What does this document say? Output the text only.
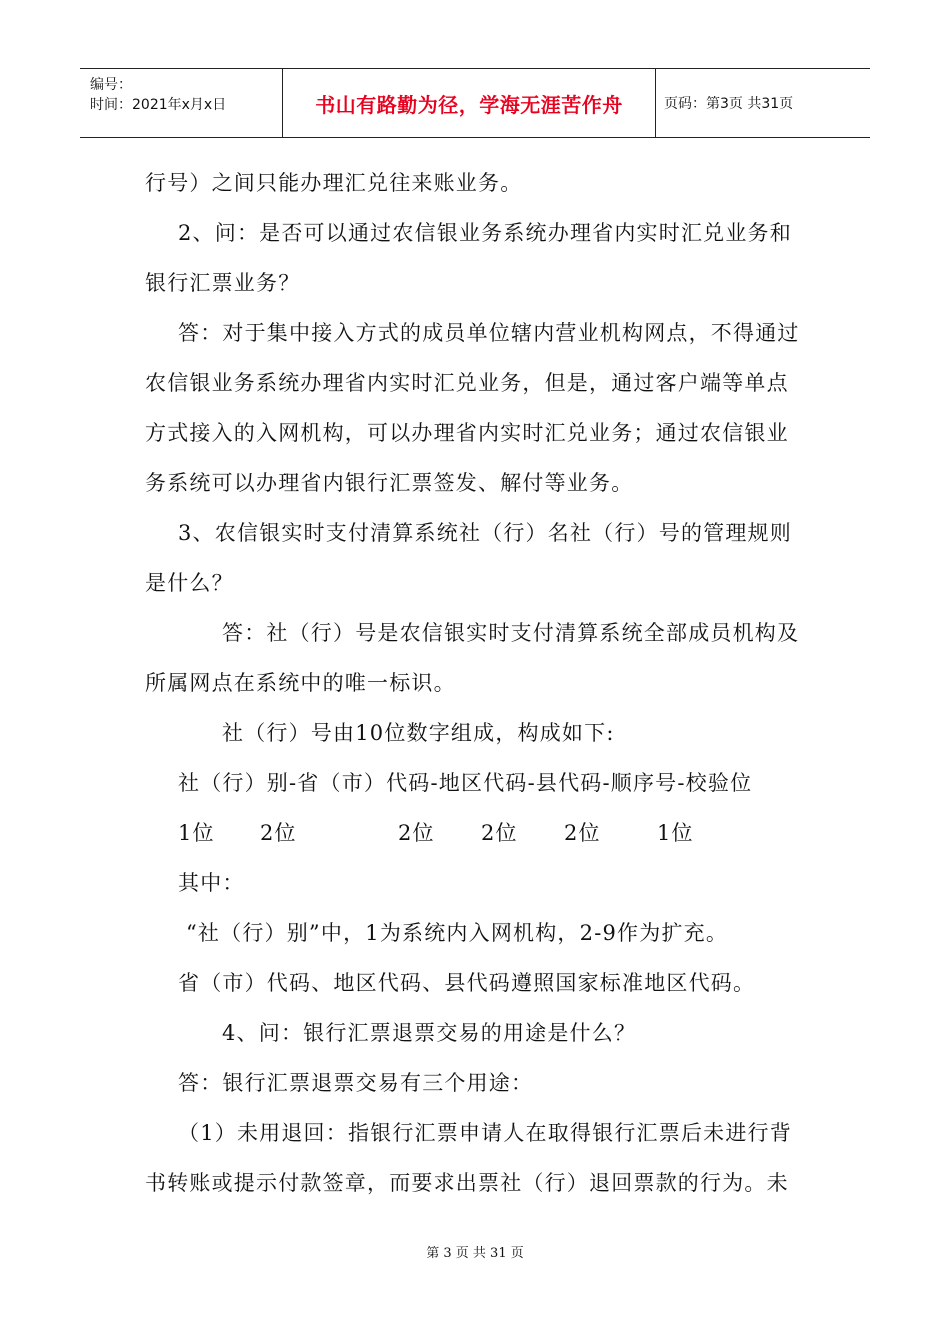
编号：
时间：2021年x月x日	书山有路勤为径，学海无涯苦作舟	页码：第3页 共31页
行号）之间只能办理汇兑往来账业务。
2、问：是否可以通过农信银业务系统办理省内实时汇兑业务和
银行汇票业务？
答：对于集中接入方式的成员单位辖内营业机构网点，不得通过
农信银业务系统办理省内实时汇兑业务，但是，通过客户端等单点
方式接入的入网机构，可以办理省内实时汇兑业务；通过农信银业
务系统可以办理省内银行汇票签发、解付等业务。
3、农信银实时支付清算系统社（行）名社（行）号的管理规则
是什么？
答：社（行）号是农信银实时支付清算系统全部成员机构及
所属网点在系统中的唯一标识。
社（行）号由10位数字组成，构成如下:
社（行）别-省（市）代码-地区代码-县代码-顺序号-校验位
1位 2位	2位 2位 2位	1位
其中：
“社（行）别”中，1为系统内入网机构，2-9作为扩充。
省（市）代码、地区代码、县代码遵照国家标准地区代码。
4、问：银行汇票退票交易的用途是什么？
答：银行汇票退票交易有三个用途：
（1）未用退回：指银行汇票申请人在取得银行汇票后未进行背
书转账或提示付款签章，而要求出票社（行）退回票款的行为。未
第 3 页 共 31 页
